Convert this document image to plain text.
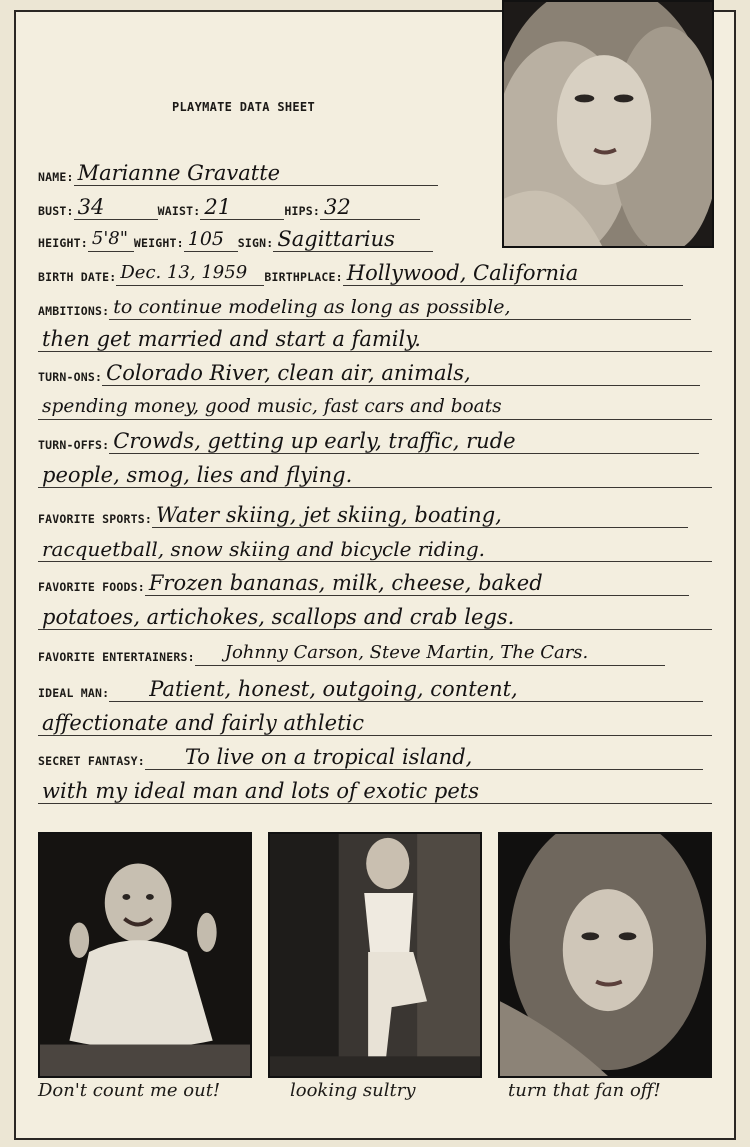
PLAYMATE DATA SHEET
NAME: Marianne Gravatte
BUST: 34	WAIST: 21	HIPS: 32
HEIGHT: 5'8" WEIGHT: 105	SIGN: Sagittarius
BIRTH DATE: Dec. 13, 1959	BIRTHPLACE: Hollywood, California
AMBITIONS: to continue modeling as long as possible,
then get married and start a family.
TURN-ONS: Colorado River, clean air, animals,
spending money, good music, fast cars and boats
TURN-OFFS: Crowds, getting up early, traffic, rude
people, smog, lies and flying.
FAVORITE SPORTS: Water skiing, jet skiing, boating,
racquetball, snow skiing and bicycle riding.
FAVORITE FOODS: Frozen bananas, milk, cheese, baked
potatoes, artichokes, scallops and crab legs.
FAVORITE ENTERTAINERS:	Johnny Carson, Steve Martin, The Cars.
IDEAL MAN:	Patient, honest, outgoing, content,
affectionate and fairly athletic
SECRET FANTASY:	To live on a tropical island,
with my ideal man and lots of exotic pets
Don't count me out!	looking sultry	turn that fan off!
